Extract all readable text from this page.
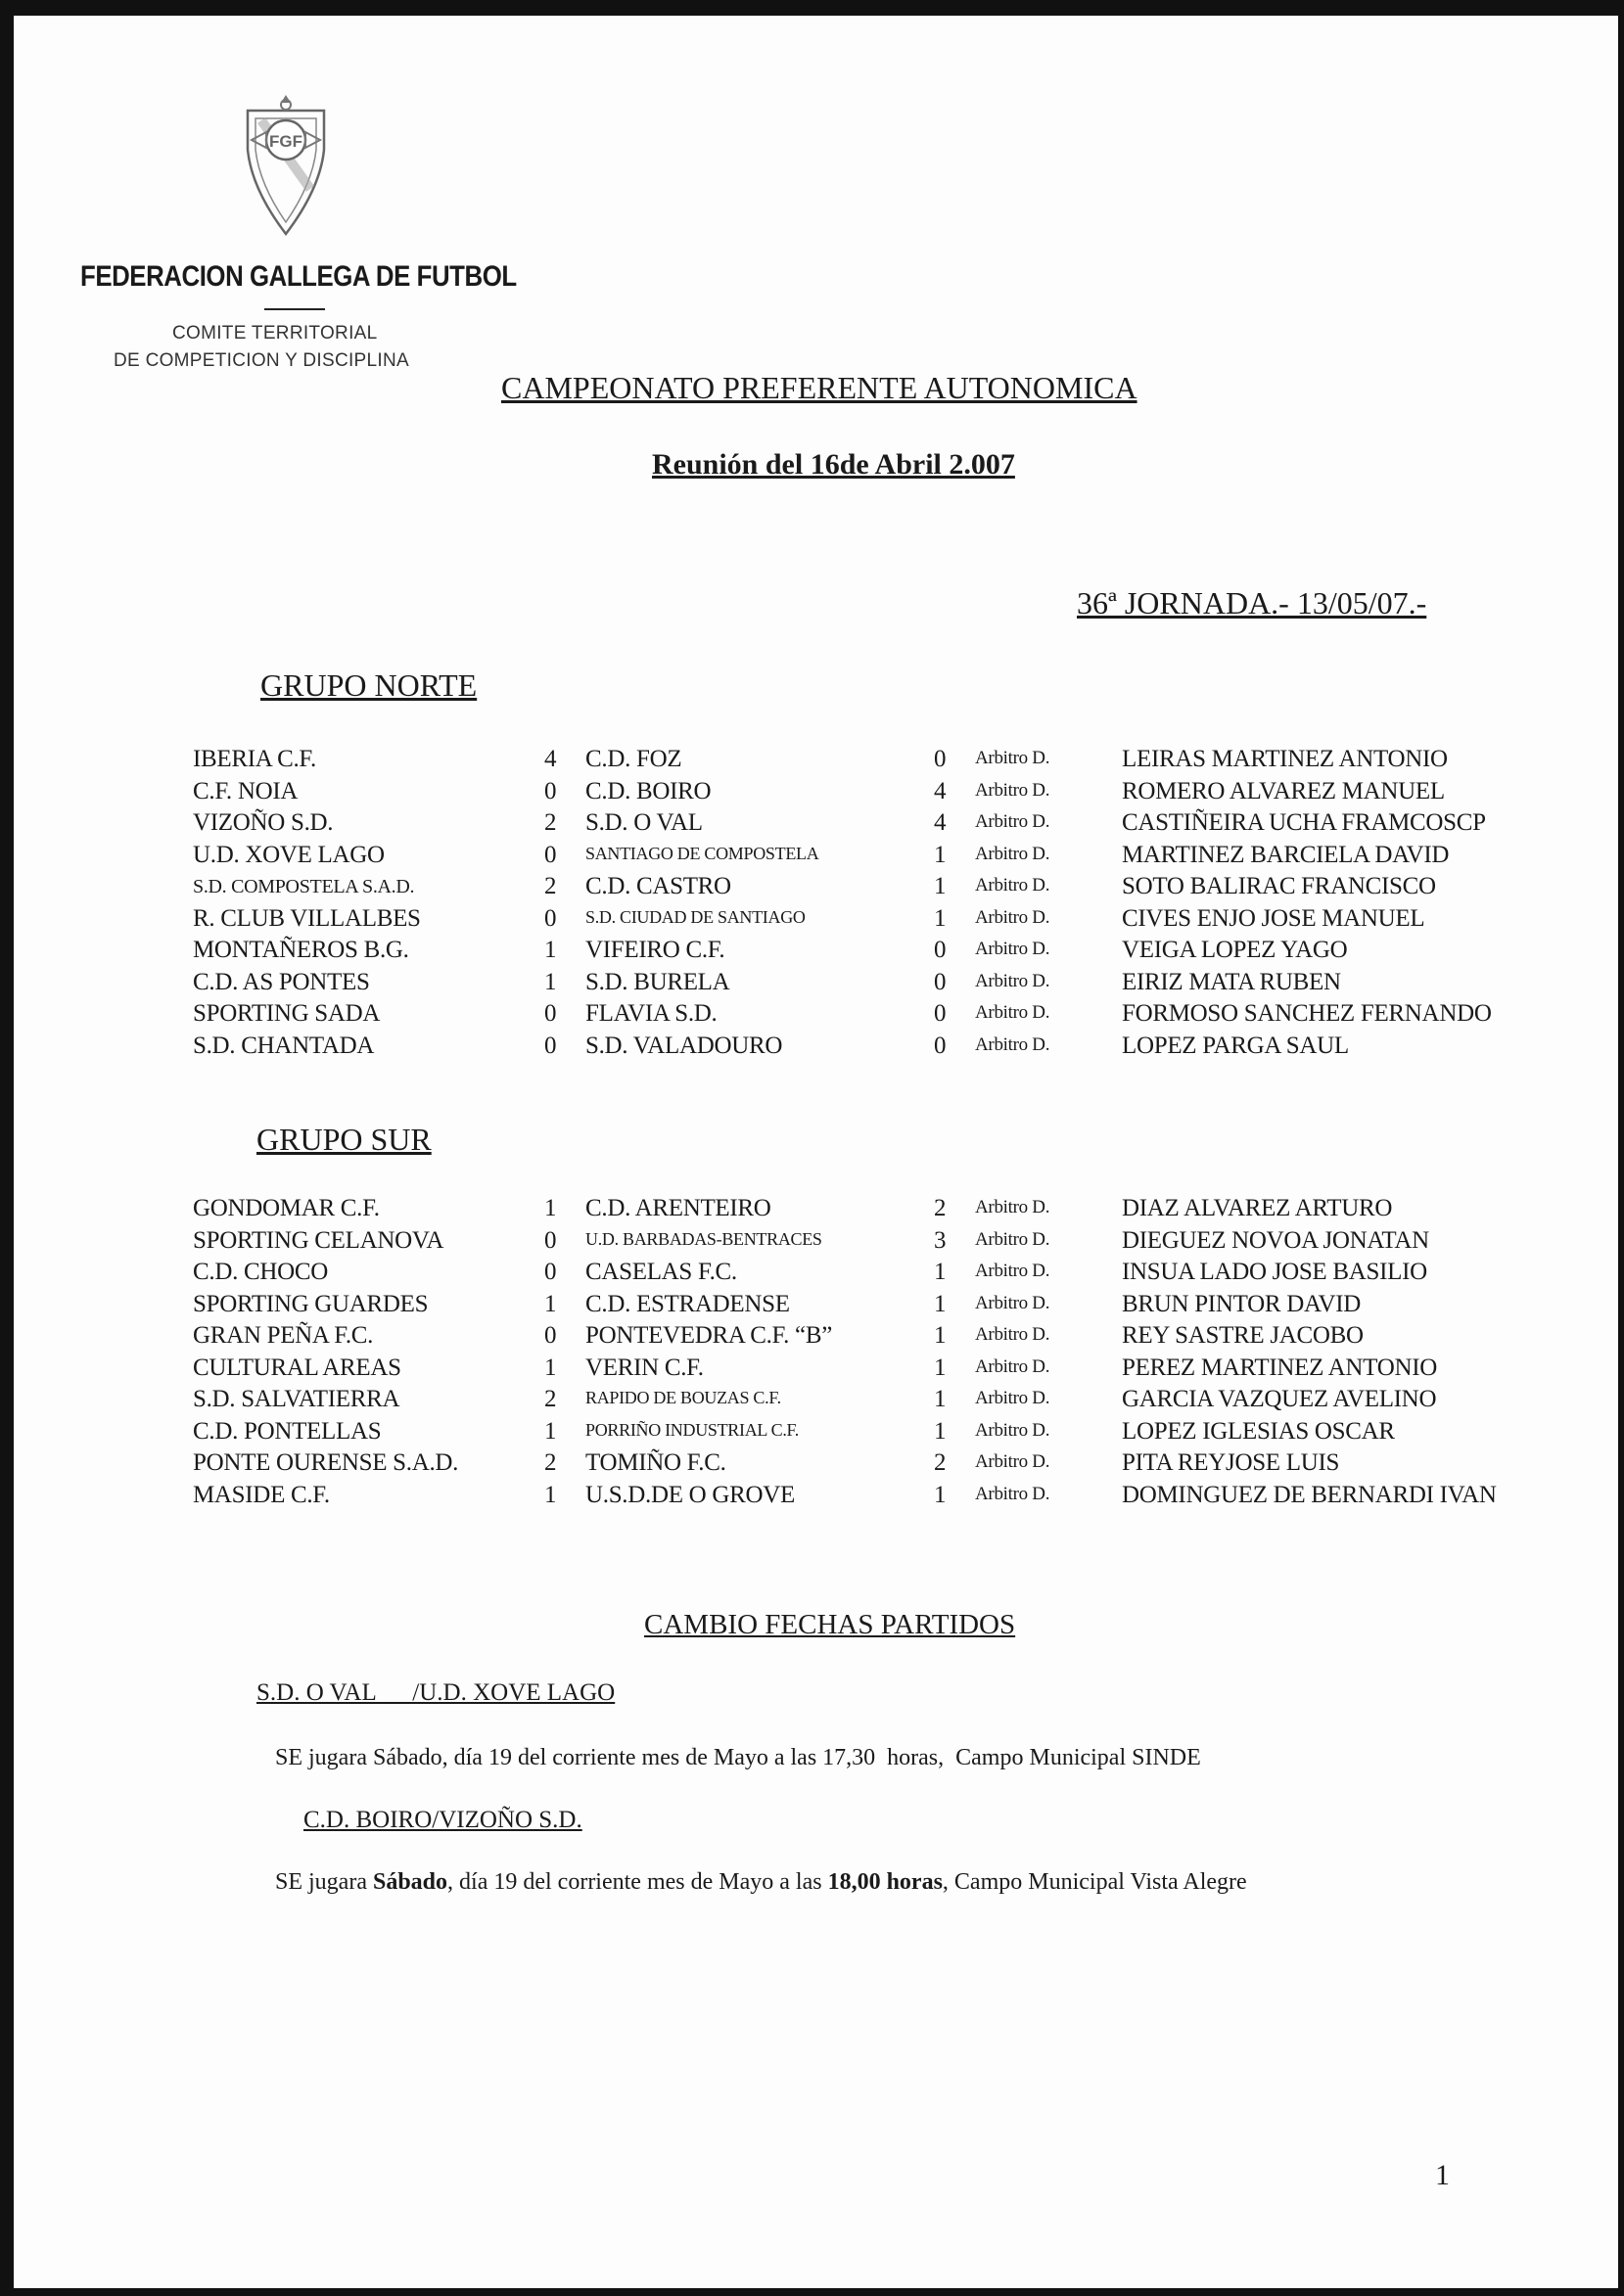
FGF
FEDERACION GALLEGA DE FUTBOL
COMITE TERRITORIAL
DE COMPETICION Y DISCIPLINA
CAMPEONATO PREFERENTE AUTONOMICA
Reunión del 16de Abril 2.007
36ª JORNADA.- 13/05/07.-
GRUPO NORTE
IBERIA C.F.	4 C.D. FOZ	0 Arbitro D.	LEIRAS MARTINEZ ANTONIO
C.F. NOIA	0 C.D. BOIRO	4 Arbitro D.	ROMERO ALVAREZ MANUEL
VIZOÑO S.D.	2 S.D. O VAL	4 Arbitro D.	CASTIÑEIRA UCHA FRAMCOSCP
U.D. XOVE LAGO	0 SANTIAGO DE COMPOSTELA	1 Arbitro D.	MARTINEZ BARCIELA DAVID
S.D. COMPOSTELA S.A.D.	2 C.D. CASTRO	1 Arbitro D.	SOTO BALIRAC FRANCISCO
R. CLUB VILLALBES	0 S.D. CIUDAD DE SANTIAGO	1 Arbitro D.	CIVES ENJO JOSE MANUEL
MONTAÑEROS B.G.	1 VIFEIRO C.F.	0 Arbitro D.	VEIGA LOPEZ YAGO
C.D. AS PONTES	1 S.D. BURELA	0 Arbitro D.	EIRIZ MATA RUBEN
SPORTING SADA	0 FLAVIA S.D.	0 Arbitro D.	FORMOSO SANCHEZ FERNANDO
S.D. CHANTADA	0 S.D. VALADOURO	0 Arbitro D.	LOPEZ PARGA SAUL
GRUPO SUR
GONDOMAR C.F.	1 C.D. ARENTEIRO	2 Arbitro D.	DIAZ ALVAREZ ARTURO
SPORTING CELANOVA	0 U.D. BARBADAS-BENTRACES	3 Arbitro D.	DIEGUEZ NOVOA JONATAN
C.D. CHOCO	0 CASELAS F.C.	1 Arbitro D.	INSUA LADO JOSE BASILIO
SPORTING GUARDES	1 C.D. ESTRADENSE	1 Arbitro D.	BRUN PINTOR DAVID
GRAN PEÑA F.C.	0 PONTEVEDRA C.F. “B”	1 Arbitro D.	REY SASTRE JACOBO
CULTURAL AREAS	1 VERIN C.F.	1 Arbitro D.	PEREZ MARTINEZ ANTONIO
S.D. SALVATIERRA	2 RAPIDO DE BOUZAS C.F.	1 Arbitro D.	GARCIA VAZQUEZ AVELINO
C.D. PONTELLAS	1 PORRIÑO INDUSTRIAL C.F.	1 Arbitro D.	LOPEZ IGLESIAS OSCAR
PONTE OURENSE S.A.D.	2 TOMIÑO F.C.	2 Arbitro D.	PITA REYJOSE LUIS
MASIDE C.F.	1 U.S.D.DE O GROVE	1 Arbitro D.	DOMINGUEZ DE BERNARDI IVAN
CAMBIO FECHAS PARTIDOS
S.D. O VAL      /U.D. XOVE LAGO
SE jugara Sábado, día 19 del corriente mes de Mayo a las 17,30  horas,  Campo Municipal SINDE
C.D. BOIRO/VIZOÑO S.D.
SE jugara Sábado, día 19 del corriente mes de Mayo a las 18,00 horas, Campo Municipal Vista Alegre
1
